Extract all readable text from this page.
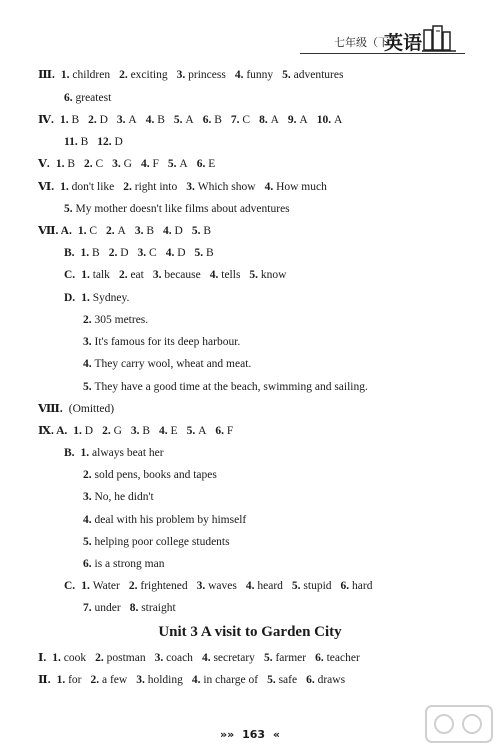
七年级（下）
英语
Ⅲ. 1. children 2. exciting 3. princess 4. funny 5. adventures
6. greatest
Ⅳ. 1. B 2. D 3. A 4. B 5. A 6. B 7. C 8. A 9. A 10. A
11. B 12. D
Ⅴ. 1. B 2. C 3. G 4. F 5. A 6. E
Ⅵ. 1. don't like 2. right into 3. Which show 4. How much
5. My mother doesn't like films about adventures
Ⅶ. A. 1. C 2. A 3. B 4. D 5. B
B. 1. B 2. D 3. C 4. D 5. B
C. 1. talk 2. eat 3. because 4. tells 5. know
D. 1. Sydney.
2. 305 metres.
3. It's famous for its deep harbour.
4. They carry wool, wheat and meat.
5. They have a good time at the beach, swimming and sailing.
Ⅷ. (Omitted)
Ⅸ. A. 1. D 2. G 3. B 4. E 5. A 6. F
B. 1. always beat her
2. sold pens, books and tapes
3. No, he didn't
4. deal with his problem by himself
5. helping poor college students
6. is a strong man
C. 1. Water 2. frightened 3. waves 4. heard 5. stupid 6. hard
7. under 8. straight
Ⅰ. 1. cook 2. postman 3. coach 4. secretary 5. farmer 6. teacher
Ⅱ. 1. for 2. a few 3. holding 4. in charge of 5. safe 6. draws
Unit 3 A visit to Garden City
»» 163 «
